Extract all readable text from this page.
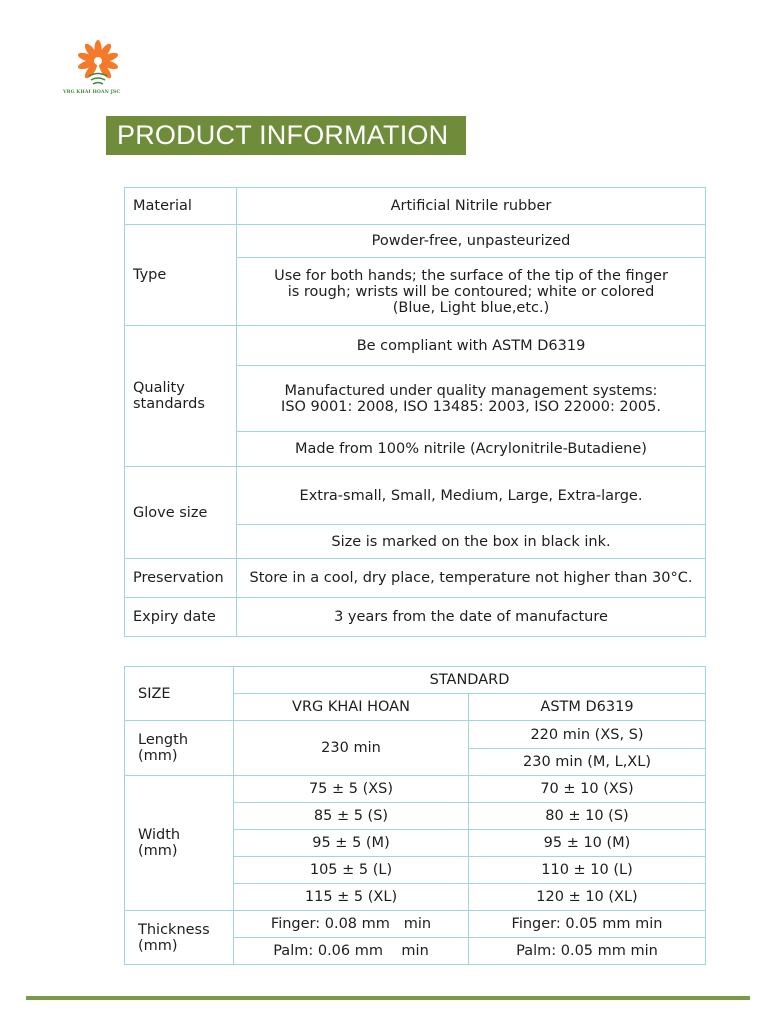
VRG KHAI HOAN JSC
PRODUCT INFORMATION
Material	Artificial Nitrile rubber
Type	Powder-free, unpasteurized

	Use for both hands; the surface of the tip of the finger
is rough; wrists will be contoured; white or colored
(Blue, Light blue,etc.)

Quality
standards	Be compliant with ASTM D6319

	Manufactured under quality management systems:
ISO 9001: 2008, ISO 13485: 2003, ISO 22000: 2005.

	Made from 100% nitrile (Acrylonitrile-Butadiene)
Glove size	Extra-small, Small, Medium, Large, Extra-large.
	Size is marked on the box in black ink.
Preservation	Store in a cool, dry place, temperature not higher than 30°C.
Expiry date	3 years from the date of manufacture
SIZE	STANDARD	
	VRG KHAI HOAN	ASTM D6319

Length
(mm)	230 min	220 min (XS, S)
		230 min (M, L,XL)

Width
(mm)	75 ± 5 (XS)	70 ± 10 (XS)
	85 ± 5 (S)	80 ± 10 (S)
	95 ± 5 (M)	95 ± 10 (M)
	105 ± 5 (L)	110 ± 10 (L)
	115 ± 5 (XL)	120 ± 10 (XL)

Thickness
(mm)	Finger: 0.08 mm   min	Finger: 0.05 mm min
	Palm: 0.06 mm    min	Palm: 0.05 mm min
